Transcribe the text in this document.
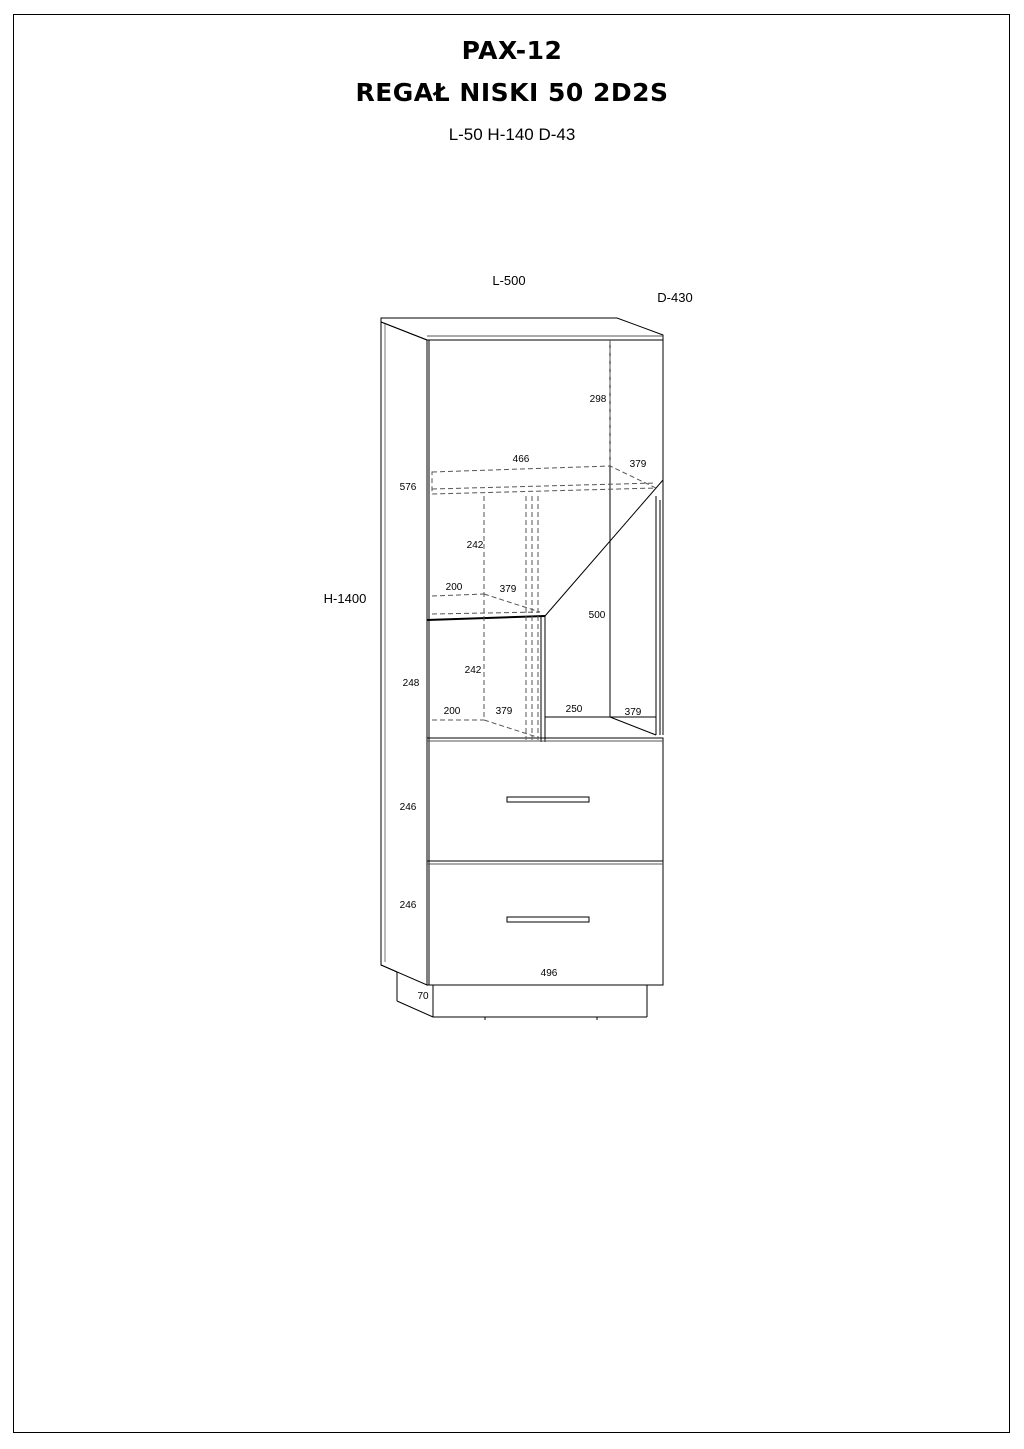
PAX-12
REGAŁ NISKI 50 2D2S
L-50 H-140 D-43
L-500
D-430
H-1400
298
466	379
576
242
200	379
500
242
248
200	379	250	379
246
246
496
70
